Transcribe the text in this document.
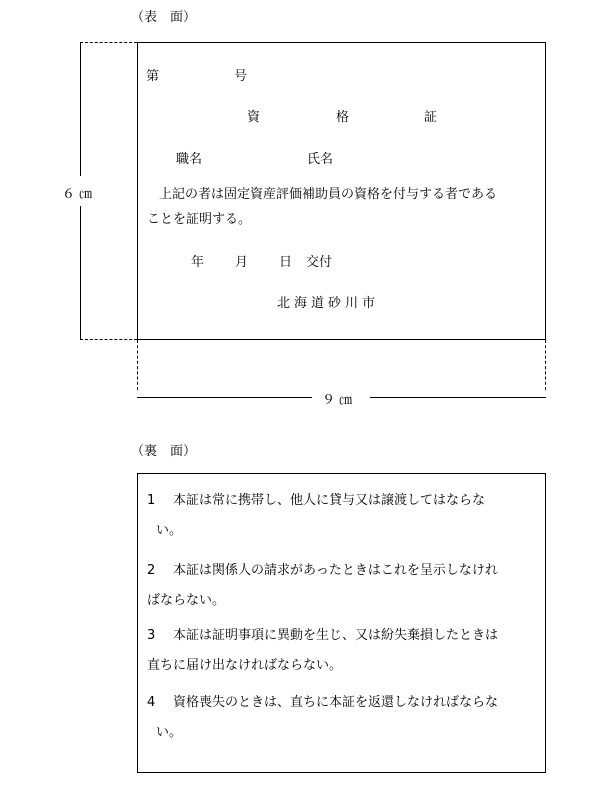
（表　面）
６ ㎝
第	号
資	格	証
職名	氏名
上記の者は固定資産評価補助員の資格を付与する者である
ことを証明する。
年 月 日 交付
北海道砂川市
９ ㎝
（裏　面）
1 本証は常に携帯し、他人に貸与又は譲渡してはならな
い。
2 本証は関係人の請求があったときはこれを呈示しなけれ
ばならない。
3 本証は証明事項に異動を生じ、又は紛失棄損したときは
直ちに届け出なければならない。
4 資格喪失のときは、直ちに本証を返還しなければならな
い。
